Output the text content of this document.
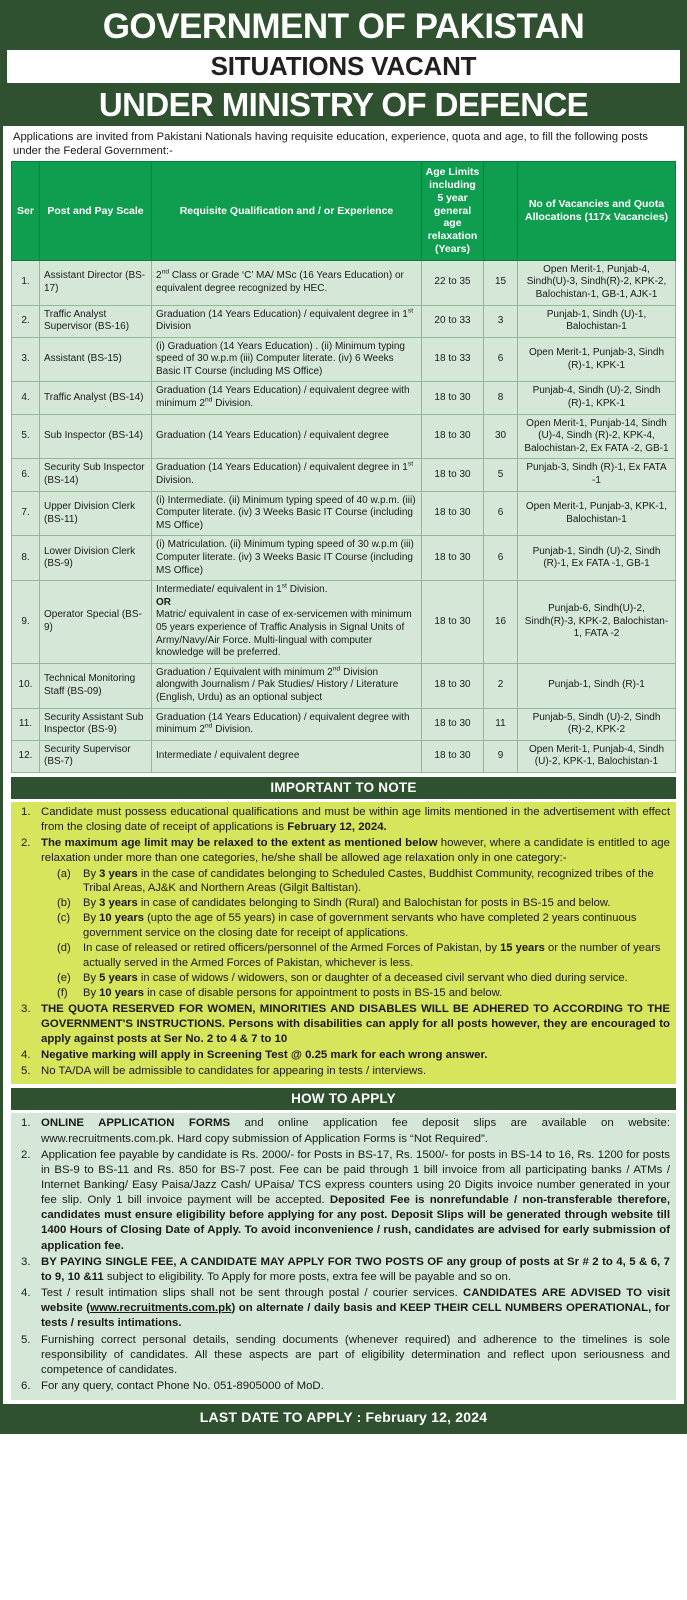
GOVERNMENT OF PAKISTAN
SITUATIONS VACANT
UNDER MINISTRY OF DEFENCE
Applications are invited from Pakistani Nationals having requisite education, experience, quota and age, to fill the following posts under the Federal Government:-
Ser	Post and Pay Scale	Requisite Qualification and / or Experience	Age Limits including 5 year general age relaxation (Years)		No of Vacancies and Quota Allocations (117x Vacancies)
1.	Assistant Director (BS-17)	2nd Class or Grade ‘C’ MA/ MSc (16 Years Education) or equivalent degree recognized by HEC.	22 to 35	15	Open Merit-1, Punjab-4, Sindh(U)-3, Sindh(R)-2, KPK-2, Balochistan-1, GB-1, AJK-1
2.	Traffic Analyst Supervisor (BS-16)	Graduation (14 Years Education) / equivalent degree in 1st Division	20 to 33	3	Punjab-1, Sindh (U)-1, Balochistan-1
3.	Assistant (BS-15)	(i) Graduation (14 Years Education) . (ii) Minimum typing speed of 30 w.p.m (iii) Computer literate. (iv) 6 Weeks Basic IT Course (including MS Office)	18 to 33	6	Open Merit-1, Punjab-3, Sindh (R)-1, KPK-1
4.	Traffic Analyst (BS-14)	Graduation (14 Years Education) / equivalent degree with minimum 2nd Division.	18 to 30	8	Punjab-4, Sindh (U)-2, Sindh (R)-1, KPK-1
5.	Sub Inspector (BS-14)	Graduation (14 Years Education) / equivalent degree	18 to 30	30	Open Merit-1, Punjab-14, Sindh (U)-4, Sindh (R)-2, KPK-4, Balochistan-2, Ex FATA -2, GB-1
6.	Security Sub Inspector (BS-14)	Graduation (14 Years Education) / equivalent degree in 1st Division.	18 to 30	5	Punjab-3, Sindh (R)-1, Ex FATA -1
7.	Upper Division Clerk (BS-11)	(i) Intermediate. (ii) Minimum typing speed of 40 w.p.m. (iii) Computer literate. (iv) 3 Weeks Basic IT Course (including MS Office)	18 to 30	6	Open Merit-1, Punjab-3, KPK-1, Balochistan-1
8.	Lower Division Clerk (BS-9)	(i) Matriculation. (ii) Minimum typing speed of 30 w.p.m (iii) Computer literate. (iv) 3 Weeks Basic IT Course (including MS Office)	18 to 30	6	Punjab-1, Sindh (U)-2, Sindh (R)-1, Ex FATA -1, GB-1
9.	Operator Special (BS-9)	Intermediate/ equivalent in 1st Division.
OR
Matric/ equivalent in case of ex-servicemen with minimum 05 years experience of Traffic Analysis in Signal Units of Army/Navy/Air Force. Multi-lingual with computer knowledge will be preferred.	18 to 30	16	Punjab-6, Sindh(U)-2, Sindh(R)-3, KPK-2, Balochistan-1, FATA -2
10.	Technical Monitoring Staff (BS-09)	Graduation / Equivalent with minimum 2nd Division alongwith Journalism / Pak Studies/ History / Literature (English, Urdu) as an optional subject	18 to 30	2	Punjab-1, Sindh (R)-1
11.	Security Assistant Sub Inspector (BS-9)	Graduation (14 Years Education) / equivalent degree with minimum 2nd Division.	18 to 30	11	Punjab-5, Sindh (U)-2, Sindh (R)-2, KPK-2
12.	Security Supervisor (BS-7)	Intermediate / equivalent degree	18 to 30	9	Open Merit-1, Punjab-4, Sindh (U)-2, KPK-1, Balochistan-1
IMPORTANT TO NOTE
1. Candidate must possess educational qualifications and must be within age limits mentioned in the advertisement with effect from the closing date of receipt of applications is February 12, 2024.
2. The maximum age limit may be relaxed to the extent as mentioned below however, where a candidate is entitled to age relaxation under more than one categories, he/she shall be allowed age relaxation only in one category:-
(a)	By 3 years in the case of candidates belonging to Scheduled Castes, Buddhist Community, recognized tribes of the Tribal Areas, AJ&K and Northern Areas (Gilgit Baltistan).
(b)	By 3 years in case of candidates belonging to Sindh (Rural) and Balochistan for posts in BS-15 and below.
(c)	By 10 years (upto the age of 55 years) in case of government servants who have completed 2 years continuous government service on the closing date for receipt of applications.
(d)	In case of released or retired officers/personnel of the Armed Forces of Pakistan, by 15 years or the number of years actually served in the Armed Forces of Pakistan, whichever is less.
(e)	By 5 years in case of widows / widowers, son or daughter of a deceased civil servant who died during service.
(f)	By 10 years in case of disable persons for appointment to posts in BS-15 and below.
3. THE QUOTA RESERVED FOR WOMEN, MINORITIES AND DISABLES WILL BE ADHERED TO ACCORDING TO THE GOVERNMENT'S INSTRUCTIONS. Persons with disabilities can apply for all posts however, they are encouraged to apply against posts at Ser No. 2 to 4 & 7 to 10
4. Negative marking will apply in Screening Test @ 0.25 mark for each wrong answer.
5. No TA/DA will be admissible to candidates for appearing in tests / interviews.
HOW TO APPLY
1. ONLINE APPLICATION FORMS and online application fee deposit slips are available on website: www.recruitments.com.pk. Hard copy submission of Application Forms is “Not Required”.
2. Application fee payable by candidate is Rs. 2000/- for Posts in BS-17, Rs. 1500/- for posts in BS-14 to 16, Rs. 1200 for posts in BS-9 to BS-11 and Rs. 850 for BS-7 post. Fee can be paid through 1 bill invoice from all participating banks / ATMs / Internet Banking/ Easy Paisa/Jazz Cash/ UPaisa/ TCS express counters using 20 Digits invoice number generated in your fee slip. Only 1 bill invoice payment will be accepted. Deposited Fee is nonrefundable / non-transferable therefore, candidates must ensure eligibility before applying for any post. Deposit Slips will be generated through website till 1400 Hours of Closing Date of Apply. To avoid inconvenience / rush, candidates are advised for early submission of application fee.
3. BY PAYING SINGLE FEE, A CANDIDATE MAY APPLY FOR TWO POSTS OF any group of posts at Sr # 2 to 4, 5 & 6, 7 to 9, 10 &11 subject to eligibility. To Apply for more posts, extra fee will be payable and so on.
4. Test / result intimation slips shall not be sent through postal / courier services. CANDIDATES ARE ADVISED TO visit website (www.recruitments.com.pk) on alternate / daily basis and KEEP THEIR CELL NUMBERS OPERATIONAL, for tests / results intimations.
5. Furnishing correct personal details, sending documents (whenever required) and adherence to the timelines is sole responsibility of candidates. All these aspects are part of eligibility determination and reflect upon seriousness and competence of candidates.
6. For any query, contact Phone No. 051-8905000 of MoD.
LAST DATE TO APPLY : February 12, 2024
